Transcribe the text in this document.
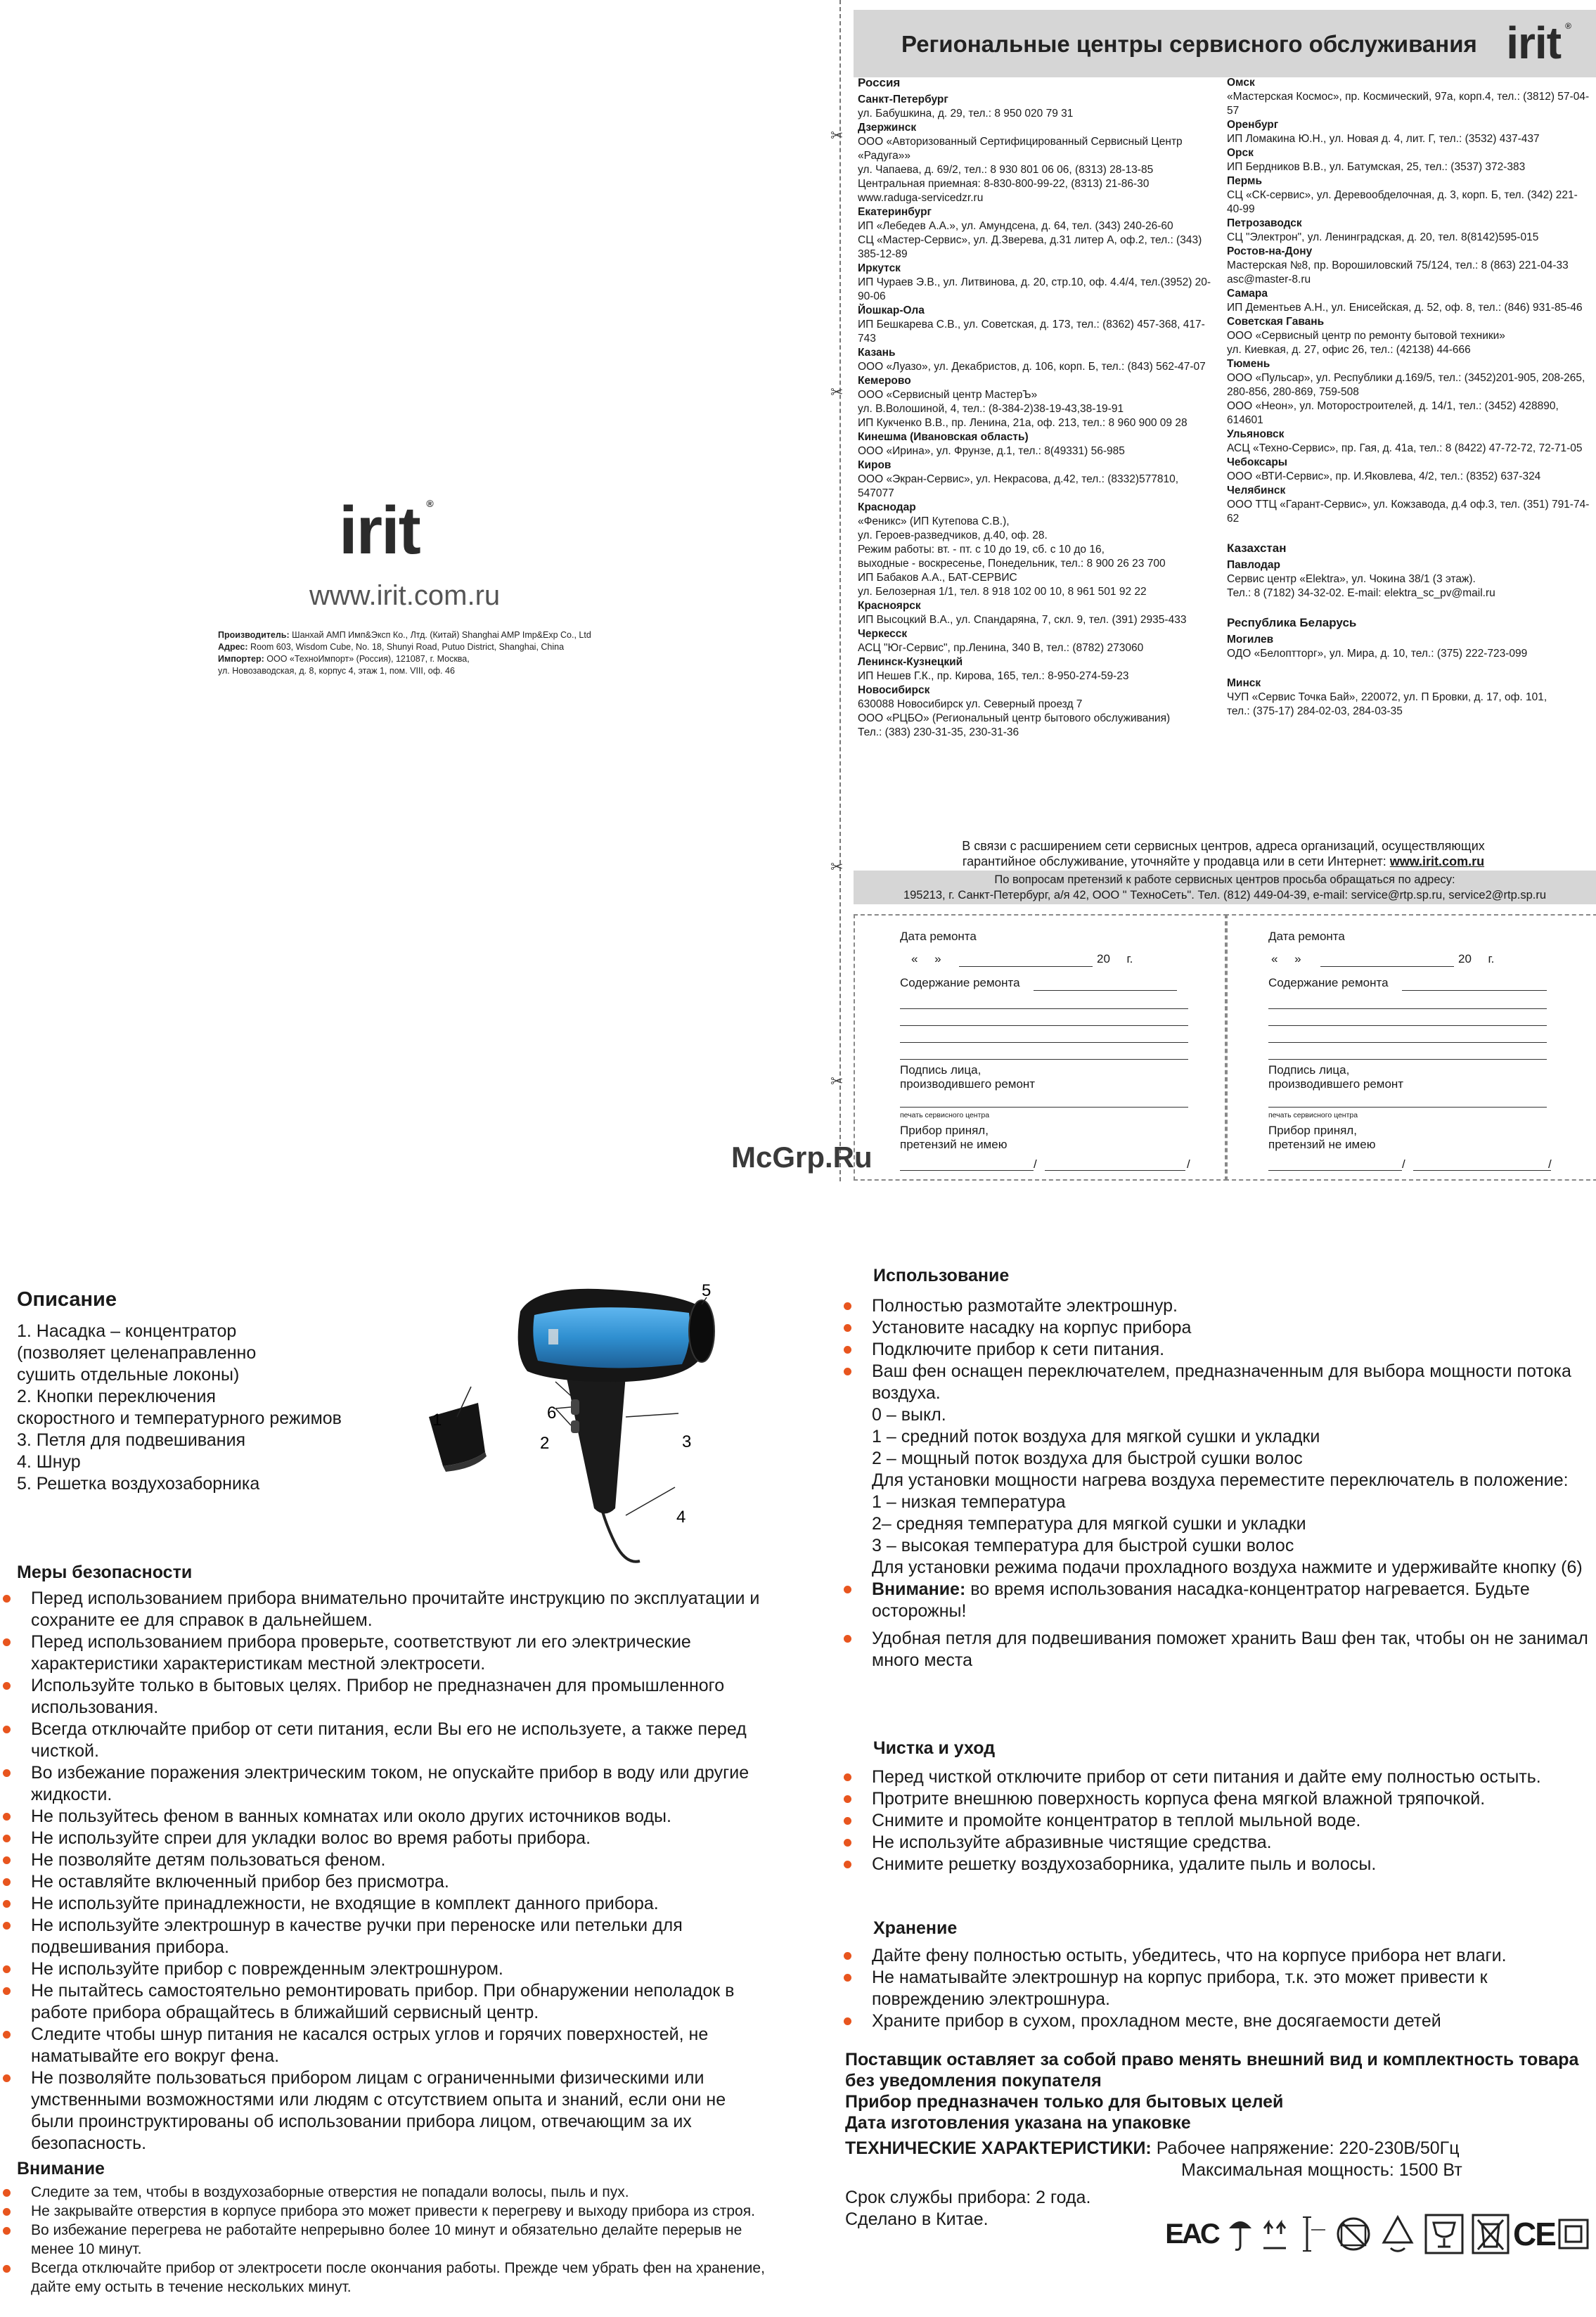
irit ®
www.irit.com.ru
Производитель: Шанхай АМП Имп&Эксп Ко., Лтд. (Китай) Shanghai AMP Imp&Exp Co., Ltd
Адрес: Room 603, Wisdom Cube, No. 18, Shunyi Road, Putuo District, Shanghai, China
Импортер: ООО «ТехноИмпорт» (Россия), 121087, г. Москва,
ул. Новозаводская, д. 8, корпус 4, этаж 1, пом. VIII, оф. 46
Региональные центры сервисного обслуживания irit ®
✂
✂
✂
✂
Россия
Санкт-Петербург
ул. Бабушкина, д. 29, тел.: 8 950 020 79 31
Дзержинск
ООО «Авторизованный Сертифицированный Сервисный Центр «Радуга»»
ул. Чапаева, д. 69/2, тел.: 8 930 801 06 06, (8313) 28-13-85
Центральная приемная: 8-830-800-99-22, (8313) 21-86-30
www.raduga-servicedzr.ru
Екатеринбург
ИП «Лебедев А.А.», ул. Амундсена, д. 64, тел. (343) 240-26-60
СЦ «Мастер-Сервис», ул. Д.Зверева, д.31 литер А, оф.2, тел.: (343) 385-12-89
Иркутск
ИП Чураев Э.В., ул. Литвинова, д. 20, стр.10, оф. 4.4/4, тел.(3952) 20-90-06
Йошкар-Ола
ИП Бешкарева С.В., ул. Советская, д. 173, тел.: (8362) 457-368, 417-743
Казань
ООО «Луазо», ул. Декабристов, д. 106, корп. Б, тел.: (843) 562-47-07
Кемерово
ООО «Сервисный центр МастерЪ»
ул. В.Волошиной, 4, тел.: (8-384-2)38-19-43,38-19-91
ИП Кукченко В.В., пр. Ленина, 21а, оф. 213, тел.: 8 960 900 09 28
Кинешма (Ивановская область)
ООО «Ирина», ул. Фрунзе, д.1, тел.: 8(49331) 56-985
Киров
ООО «Экран-Сервис», ул. Некрасова, д.42, тел.: (8332)577810, 547077
Краснодар
«Феникс» (ИП Кутепова С.В.),
ул. Героев-разведчиков, д.40, оф. 28.
Режим работы: вт. - пт. с 10 до 19, сб. с 10 до 16,
выходные - воскресенье, Понедельник, тел.: 8 900 26 23 700
ИП Бабаков А.А., БАТ-СЕРВИС
ул. Белозерная 1/1, тел. 8 918 102 00 10, 8 961 501 92 22
Красноярск
ИП Высоцкий В.А., ул. Спандаряна, 7, скл. 9, тел. (391) 2935-433
Черкесск
АСЦ "Юг-Сервис", пр.Ленина, 340 В, тел.: (8782) 273060
Ленинск-Кузнецкий
ИП Нешев Г.К., пр. Кирова, 165, тел.: 8-950-274-59-23
Новосибирск
630088 Новосибирск ул. Северный проезд 7
ООО «РЦБО» (Региональный центр бытового обслуживания)
Тел.: (383) 230-31-35, 230-31-36
Омск
«Мастерская Космос», пр. Космический, 97а, корп.4, тел.: (3812) 57-04-57
Оренбург
ИП Ломакина Ю.Н., ул. Новая д. 4, лит. Г, тел.: (3532) 437-437
Орск
ИП Бердников В.В., ул. Батумская, 25, тел.: (3537) 372-383
Пермь
СЦ «СК-сервис», ул. Деревообделочная, д. 3, корп. Б, тел. (342) 221-40-99
Петрозаводск
СЦ "Электрон", ул. Ленинградская, д. 20, тел. 8(8142)595-015
Ростов-на-Дону
Мастерская №8, пр. Ворошиловский 75/124, тел.: 8 (863) 221-04-33
asc@master-8.ru
Самара
ИП Дементьев А.Н., ул. Енисейская, д. 52, оф. 8, тел.: (846) 931-85-46
Советская Гавань
ООО «Сервисный центр по ремонту бытовой техники»
ул. Киевкая, д. 27, офис 26, тел.: (42138) 44-666
Тюмень
ООО «Пульсар», ул. Республики д.169/5, тел.: (3452)201-905, 208-265,
280-856, 280-869, 759-508
ООО «Неон», ул. Моторостроителей, д. 14/1, тел.: (3452) 428890, 614601
Ульяновск
АСЦ «Техно-Сервис», пр. Гая, д. 41а, тел.: 8 (8422) 47-72-72, 72-71-05
Чебоксары
ООО «ВТИ-Сервис», пр. И.Яковлева, 4/2, тел.: (8352) 637-324
Челябинск
ООО ТТЦ «Гарант-Сервис», ул. Кожзавода, д.4 оф.3, тел. (351) 791-74-62
Казахстан
Павлодар
Сервис центр «Elektra», ул. Чокина 38/1 (3 этаж).
Тел.: 8 (7182) 34-32-02. E-mail: elektra_sc_pv@mail.ru
Республика Беларусь
Могилев
ОДО «Белоптторг», ул. Мира, д. 10, тел.: (375) 222-723-099
Минск
ЧУП «Сервис Точка Бай», 220072, ул. П Бровки, д. 17, оф. 101,
тел.: (375-17) 284-02-03, 284-03-35
В связи с расширением сети сервисных центров, адреса организаций, осуществляющих
гарантийное обслуживание, уточняйте у продавца или в сети Интернет: www.irit.com.ru
По вопросам претензий к работе сервисных центров просьба обращаться по адресу:
195213, г. Санкт-Петербург, а/я 42, ООО " ТехноСеть". Тел. (812) 449-04-39, e-mail: service@rtp.sp.ru, service2@rtp.sp.ru
Дата ремонта
«     »	20     г.
Содержание ремонта
Подпись лица,
производившего ремонт
печать сервисного центра
Прибор принял,
претензий не имею
/	/
Дата ремонта
«     »	20     г.
Содержание ремонта
Подпись лица,
производившего ремонт
печать сервисного центра
Прибор принял,
претензий не имею
/	/
McGrp.Ru
Описание
1. Насадка – концентратор
(позволяет целенаправленно
сушить отдельные локоны)
2. Кнопки переключения
скоростного и температурного режимов
3. Петля для подвешивания
4. Шнур
5. Решетка воздухозаборника
1
2	3
4
5
6
Меры безопасности
Перед использованием прибора внимательно прочитайте инструкцию по эксплуатации и сохраните ее для справок в дальнейшем.
Перед использованием прибора проверьте, соответствуют ли его электрические характеристики характеристикам местной электросети.
Используйте только в бытовых целях. Прибор не предназначен для промышленного использования.
Всегда отключайте прибор от сети питания, если Вы его не используете, а также перед чисткой.
Во избежание поражения электрическим током, не опускайте прибор в воду или другие жидкости.
Не пользуйтесь феном в ванных комнатах или около других источников воды.
Не используйте спреи для укладки волос во время работы прибора.
Не позволяйте детям пользоваться феном.
Не оставляйте включенный прибор без присмотра.
Не используйте принадлежности, не входящие в комплект данного прибора.
Не используйте электрошнур в качестве ручки при переноске или петельки для подвешивания прибора.
Не используйте прибор с поврежденным электрошнуром.
Не пытайтесь самостоятельно ремонтировать прибор. При обнаружении неполадок в работе прибора обращайтесь в ближайший сервисный центр.
Следите чтобы шнур питания не касался острых углов и горячих поверхностей, не наматывайте его вокруг фена.
Не позволяйте пользоваться прибором лицам с ограниченными физическими или умственными возможностями или людям с отсутствием опыта и знаний, если они не были проинструктированы об использовании прибора лицом, отвечающим за их безопасность.
Внимание
Следите за тем, чтобы в воздухозаборные отверстия не попадали волосы, пыль и пух.
Не закрывайте отверстия в корпусе прибора это может привести к перегреву и выходу прибора из строя.
Во избежание перегрева не работайте непрерывно более 10 минут и обязательно делайте перерыв не менее 10 минут.
Всегда отключайте прибор от электросети после окончания работы. Прежде чем убрать фен на хранение, дайте ему остыть в течение нескольких минут.
Использование
Полностью размотайте электрошнур.
Установите насадку на корпус прибора
Подключите прибор к сети питания.
Ваш фен оснащен переключателем, предназначенным для выбора мощности потока воздуха.
0 – выкл.
1 – средний поток воздуха для мягкой сушки и укладки
2 – мощный поток воздуха для быстрой сушки волос
Для установки мощности нагрева воздуха переместите переключатель в положение:
1 – низкая температура
2– средняя температура для мягкой сушки и укладки
3 – высокая температура для быстрой сушки волос
Для установки режима подачи прохладного воздуха нажмите и удерживайте кнопку (6)
Внимание: во время использования насадка-концентратор нагревается. Будьте осторожны!
Удобная петля для подвешивания поможет хранить Ваш фен так, чтобы он не занимал много места
Чистка и уход
Перед чисткой отключите прибор от сети питания и дайте ему полностью остыть.
Протрите внешнюю поверхность корпуса фена мягкой влажной тряпочкой.
Снимите и промойте концентратор в теплой мыльной воде.
Не используйте абразивные чистящие средства.
Снимите решетку воздухозаборника, удалите пыль и волосы.
Хранение
Дайте фену полностью остыть, убедитесь, что на корпусе прибора нет влаги.
Не наматывайте электрошнур на корпус прибора, т.к. это может привести к повреждению электрошнура.
Храните прибор в сухом, прохладном месте, вне досягаемости детей
Поставщик оставляет за собой право менять внешний вид и комплектность товара без уведомления покупателя
Прибор предназначен только для бытовых целей
Дата изготовления указана на упаковке
ТЕХНИЧЕСКИЕ ХАРАКТЕРИСТИКИ: Рабочее напряжение: 220-230В/50Гц
Максимальная мощность: 1500 Вт
Срок службы прибора: 2 года.
Сделано в Китае.	EAC	CE
